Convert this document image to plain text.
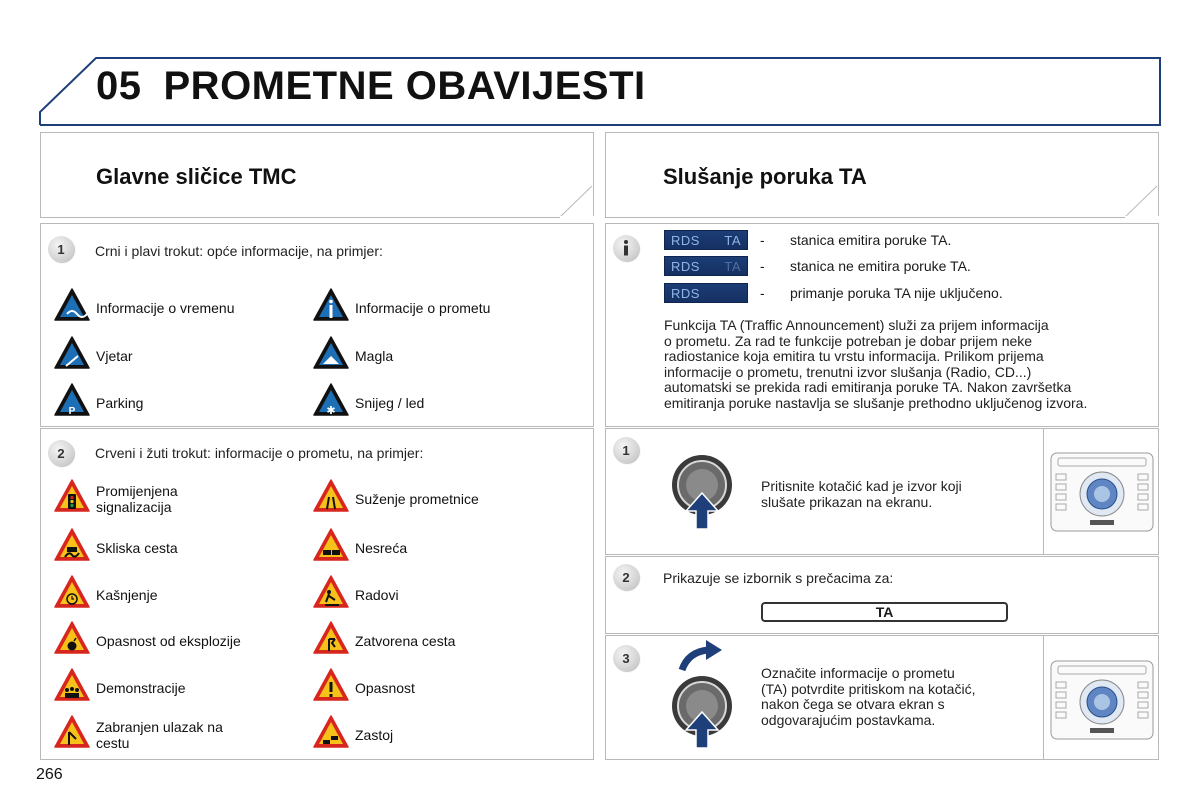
05 PROMETNE OBAVIJESTI
Glavne sličice TMC	Slušanje poruka TA
1	Crni i plavi trokut: opće informacije, na primjer:
2	Crveni i žuti trokut: informacije o prometu, na primjer:
Informacije o vremenu	Informacije o prometu
Vjetar	Magla
P
Parking	✱ Snijeg / led
Promijenjena
signalizacija	Suženje prometnice
Skliska cesta	Nesreća
Kašnjenje	Radovi
Opasnost od eksplozije	Zatvorena cesta
Demonstracije	Opasnost
Zabranjen ulazak na
cestu	Zastoj
RDS TA -	stanica emitira poruke TA.
RDS TA -	stanica ne emitira poruke TA.
RDS	-	primanje poruka TA nije uključeno.
Funkcija TA (Traffic Announcement) služi za prijem informacija
o prometu. Za rad te funkcije potreban je dobar prijem neke
radiostanice koja emitira tu vrstu informacija. Prilikom prijema
informacije o prometu, trenutni izvor slušanja (Radio, CD...)
automatski se prekida radi emitiranja poruke TA. Nakon završetka
emitiranja poruke nastavlja se slušanje prethodno uključenog izvora.
1
Pritisnite kotačić kad je izvor koji
slušate prikazan na ekranu.
2	Prikazuje se izbornik s prečacima za:
TA
3
Označite informacije o prometu
(TA) potvrdite pritiskom na kotačić,
nakon čega se otvara ekran s
odgovarajućim postavkama.
266
